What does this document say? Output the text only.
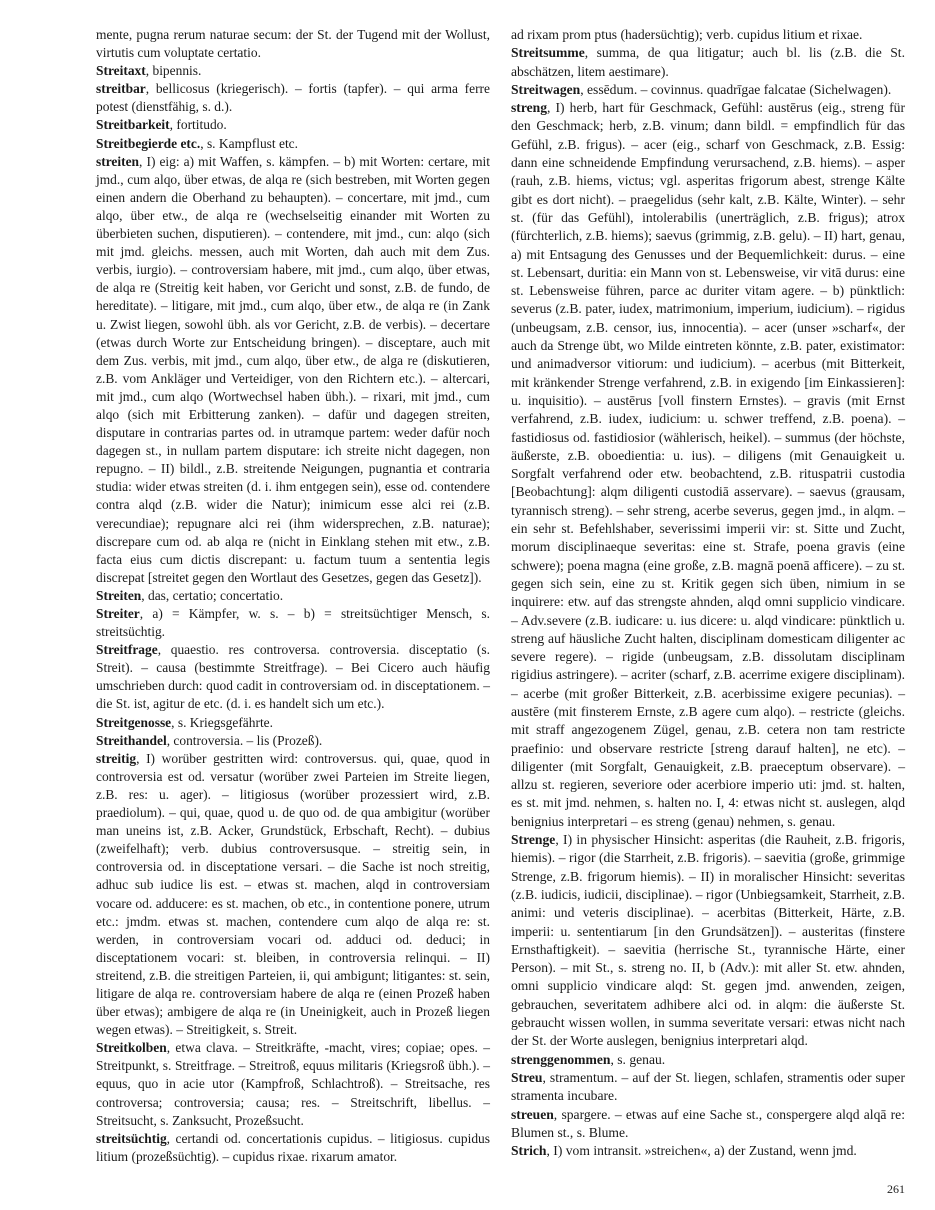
mente, pugna rerum naturae secum: der St. der Tugend mit der Wollust, virtutis cum voluptate certatio.

Streitaxt, bipennis.

streitbar, bellicosus (kriegerisch). – fortis (tapfer). – qui arma ferre potest (dienstfähig, s. d.).

Streitbarkeit, fortitudo.

Streitbegierde etc., s. Kampflust etc.

streiten, I) eig: a) mit Waffen, s. kämpfen. – b) mit Worten: certare, mit jmd., cum alqo, über etwas, de alqa re (sich bestreben, mit Worten gegen einen andern die Oberhand zu behaupten). – concertare, mit jmd., cum alqo, über etw., de alqa re (wechselseitig einander mit Worten zu überbieten suchen, disputieren). – contendere, mit jmd., cun: alqo (sich mit jmd. gleichs. messen, auch mit Worten, dah auch mit dem Zus. verbis, iurgio). – controversiam habere, mit jmd., cum alqo, über etwas, de alqa re (Streitig keit haben, vor Gericht und sonst, z.B. de fundo, de hereditate). – litigare, mit jmd., cum alqo, über etw., de alqa re (in Zank u. Zwist liegen, sowohl übh. als vor Gericht, z.B. de verbis). – decertare (etwas durch Worte zur Entscheidung bringen). – disceptare, auch mit dem Zus. verbis, mit jmd., cum alqo, über etw., de alga re (diskutieren, z.B. vom Ankläger und Verteidiger, von den Richtern etc.). – altercari, mit jmd., cum alqo (Wortwechsel haben übh.). – rixari, mit jmd., cum alqo (sich mit Erbitterung zanken). – dafür und dagegen streiten, disputare in contrarias partes od. in utramque partem: weder dafür noch dagegen st., in nullam partem disputare: ich streite nicht dagegen, non repugno. – II) bildl., z.B. streitende Neigungen, pugnantia et contraria studia: wider etwas streiten (d. i. ihm entgegen sein), esse od. contendere contra alqd (z.B. wider die Natur); inimicum esse alci rei (z.B. verecundiae); repugnare alci rei (ihm widersprechen, z.B. naturae); discrepare cum od. ab alqa re (nicht in Einklang stehen mit etw., z.B. facta eius cum dictis discrepant: u. factum tuum a sententia legis discrepat [streitet gegen den Wortlaut des Gesetzes, gegen das Gesetz]).

Streiten, das, certatio; concertatio.

Streiter, a) = Kämpfer, w. s. – b) = streitsüchtiger Mensch, s. streitsüchtig.

Streitfrage, quaestio. res controversa. controversia. disceptatio (s. Streit). – causa (bestimmte Streitfrage). – Bei Cicero auch häufig umschrieben durch: quod cadit in controversiam od. in disceptationem. – die St. ist, agitur de etc. (d. i. es handelt sich um etc.).

Streitgenosse, s. Kriegsgefährte.

Streithandel, controversia. – lis (Prozeß).

streitig, I) worüber gestritten wird: controversus. qui, quae, quod in controversia est od. versatur (worüber zwei Parteien im Streite liegen, z.B. res: u. ager). – litigiosus (worüber prozessiert wird, z.B. praediolum). – qui, quae, quod u. de quo od. de qua ambigitur (worüber man uneins ist, z.B. Acker, Grundstück, Erbschaft, Recht). – dubius (zweifelhaft); verb. dubius controversusque. – streitig sein, in controversia od. in disceptatione versari. – die Sache ist noch streitig, adhuc sub iudice lis est. – etwas st. machen, alqd in controversiam vocare od. adducere: es st. machen, ob etc., in contentione ponere, utrum etc.: jmdm. etwas st. machen, contendere cum alqo de alqa re: st. werden, in controversiam vocari od. adduci od. deduci; in disceptationem vocari: st. bleiben, in controversia relinqui. – II) streitend, z.B. die streitigen Parteien, ii, qui ambigunt; litigantes: st. sein, litigare de alqa re. controversiam habere de alqa re (einen Prozeß haben über etwas); ambigere de alqa re (in Uneinigkeit, auch in Prozeß liegen wegen etwas). – Streitigkeit, s. Streit.

Streitkolben, etwa clava. – Streitkräfte, -macht, vires; copiae; opes. – Streitpunkt, s. Streitfrage. – Streitroß, equus militaris (Kriegsroß übh.). – equus, quo in acie utor (Kampfroß, Schlachtroß). – Streitsache, res controversa; controversia; causa; res. – Streitschrift, libellus. – Streitsucht, s. Zanksucht, Prozeßsucht.

streitsüchtig, certandi od. concertationis cupidus. – litigiosus. cupidus litium (prozeßsüchtig). – cupidus rixae. rixarum amator.

ad rixam prom ptus (hadersüchtig); verb. cupidus litium et rixae.

Streitsumme, summa, de qua litigatur; auch bl. lis (z.B. die St. abschätzen, litem aestimare).

Streitwagen, essēdum. – covinnus. quadrīgae falcatae (Sichelwagen).

streng, I) herb, hart für Geschmack, Gefühl: austērus (eig., streng für den Geschmack; herb, z.B. vinum; dann bildl. = empfindlich für das Gefühl, z.B. frigus). – acer (eig., scharf von Geschmack, z.B. Essig: dann eine schneidende Empfindung verursachend, z.B. hiems). – asper (rauh, z.B. hiems, victus; vgl. asperitas frigorum abest, strenge Kälte gibt es dort nicht). – praegelidus (sehr kalt, z.B. Kälte, Winter). – sehr st. (für das Gefühl), intolerabilis (unerträglich, z.B. frigus); atrox (fürchterlich, z.B. hiems); saevus (grimmig, z.B. gelu). – II) hart, genau, a) mit Entsagung des Genusses und der Bequemlichkeit: durus. – eine st. Lebensart, duritia: ein Mann von st. Lebensweise, vir vitā durus: eine st. Lebensweise führen, parce ac duriter vitam agere. – b) pünktlich: severus (z.B. pater, iudex, matrimonium, imperium, iudicium). – rigidus (unbeugsam, z.B. censor, ius, innocentia). – acer (unser »scharf«, der auch da Strenge übt, wo Milde eintreten könnte, z.B. pater, existimator: und animadversor vitiorum: und iudicium). – acerbus (mit Bitterkeit, mit kränkender Strenge verfahrend, z.B. in exigendo [im Einkassieren]: u. inquisitio). – austērus [voll finstern Ernstes). – gravis (mit Ernst verfahrend, z.B. iudex, iudicium: u. schwer treffend, z.B. poena). – fastidiosus od. fastidiosior (wählerisch, heikel). – summus (der höchste, äußerste, z.B. oboedientia: u. ius). – diligens (mit Genauigkeit u. Sorgfalt verfahrend oder etw. beobachtend, z.B. rituspatrii custodia [Beobachtung]: alqm diligenti custodiā asservare). – saevus (grausam, tyrannisch streng). – sehr streng, acerbe severus, gegen jmd., in alqm. – ein sehr st. Befehlshaber, severissimi imperii vir: st. Sitte und Zucht, morum disciplinaeque severitas: eine st. Strafe, poena gravis (eine schwere); poena magna (eine große, z.B. magnā poenā afficere). – zu st. gegen sich sein, eine zu st. Kritik gegen sich üben, nimium in se inquirere: etw. auf das strengste ahnden, alqd omni supplicio vindicare. – Adv.severe (z.B. iudicare: u. ius dicere: u. alqd vindicare: pünktlich u. streng auf häusliche Zucht halten, disciplinam domesticam diligenter ac severe regere). – rigide (unbeugsam, z.B. dissolutam disciplinam rigidius astringere). – acriter (scharf, z.B. acerrime exigere disciplinam). – acerbe (mit großer Bitterkeit, z.B. acerbissime exigere pecunias). – austēre (mit finsterem Ernste, z.B agere cum alqo). – restricte (gleichs. mit straff angezogenem Zügel, genau, z.B. cetera non tam restricte praefinio: und observare restricte [streng darauf halten], ne etc). – diligenter (mit Sorgfalt, Genauigkeit, z.B. praeceptum observare). – allzu st. regieren, severiore oder acerbiore imperio uti: jmd. st. halten, es st. mit jmd. nehmen, s. halten no. I, 4: etwas nicht st. auslegen, alqd benignius interpretari – es streng (genau) nehmen, s. genau.

Strenge, I) in physischer Hinsicht: asperitas (die Rauheit, z.B. frigoris, hiemis). – rigor (die Starrheit, z.B. frigoris). – saevitia (große, grimmige Strenge, z.B. frigorum hiemis). – II) in moralischer Hinsicht: severitas (z.B. iudicis, iudicii, disciplinae). – rigor (Unbiegsamkeit, Starrheit, z.B. animi: und veteris disciplinae). – acerbitas (Bitterkeit, Härte, z.B. imperii: u. sententiarum [in den Grundsätzen]). – austeritas (finstere Ernsthaftigkeit). – saevitia (herrische St., tyrannische Härte, einer Person). – mit St., s. streng no. II, b (Adv.): mit aller St. etw. ahnden, omni supplicio vindicare alqd: St. gegen jmd. anwenden, zeigen, gebrauchen, severitatem adhibere alci od. in alqm: die äußerste St. gebraucht wissen wollen, in summa severitate versari: etwas nicht nach der St. der Worte auslegen, benignius interpretari alqd.

strenggenommen, s. genau.

Streu, stramentum. – auf der St. liegen, schlafen, stramentis oder super stramenta incubare.

streuen, spargere. – etwas auf eine Sache st., conspergere alqd alqā re: Blumen st., s. Blume.

Strich, I) vom intransit. »streichen«, a) der Zustand, wenn jmd.

261
